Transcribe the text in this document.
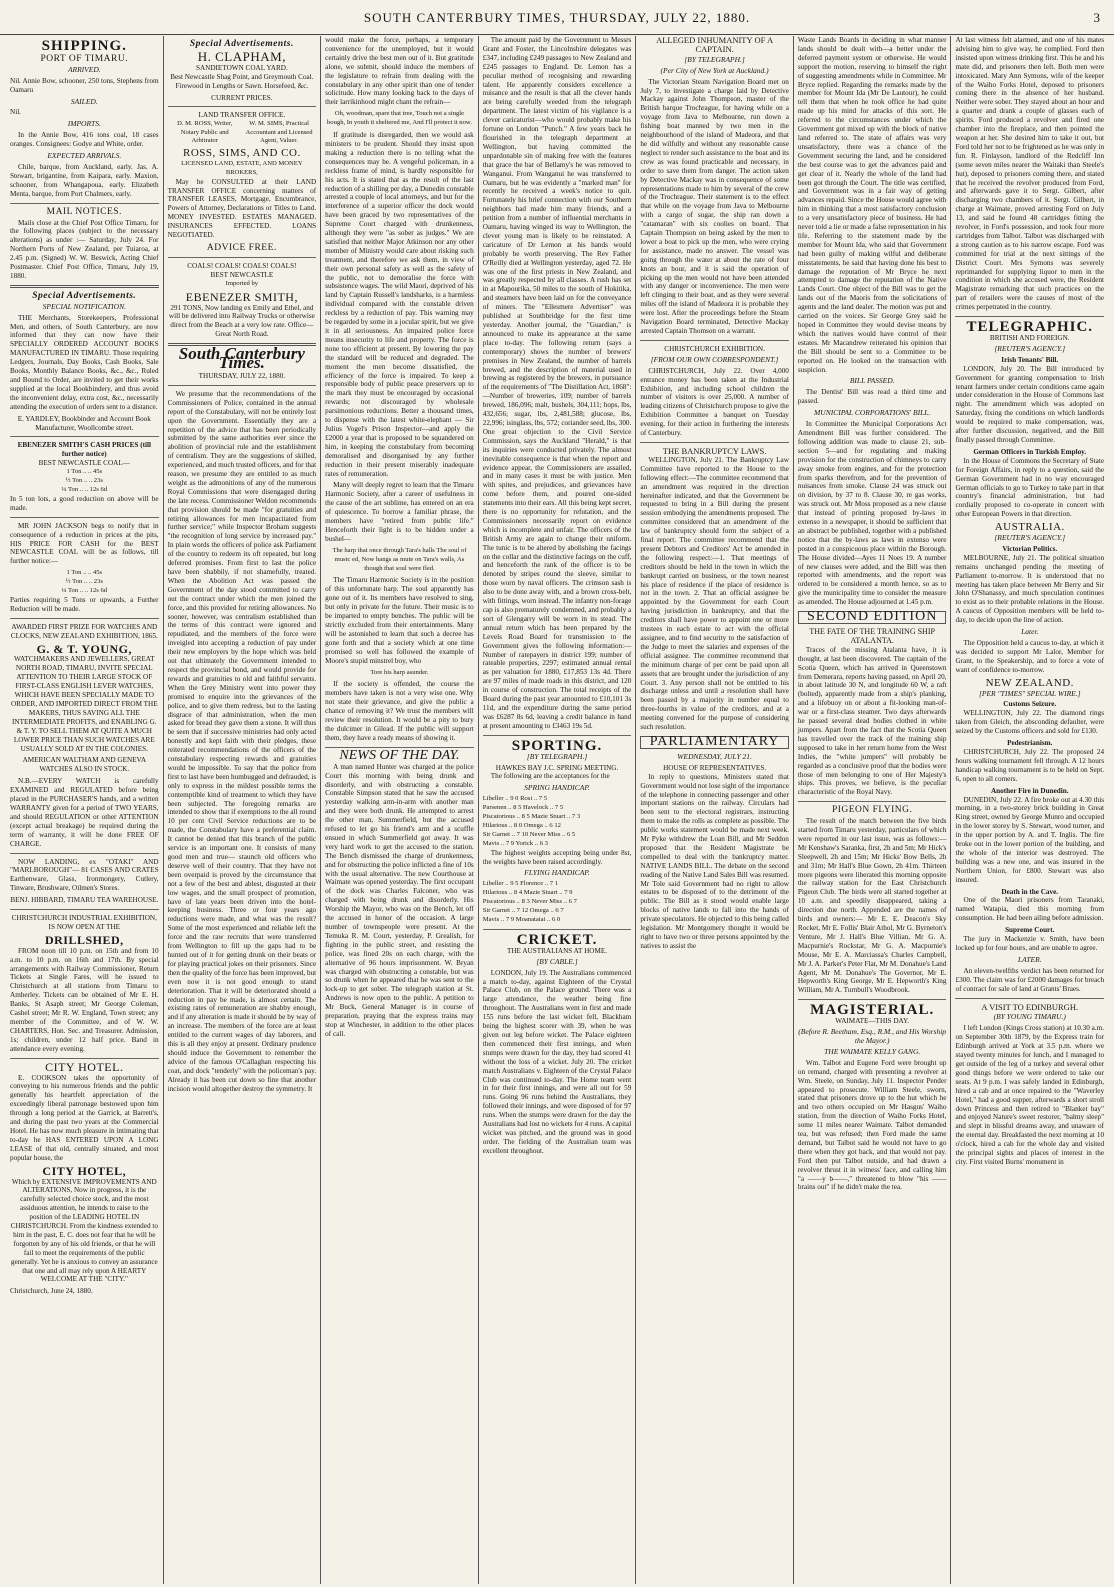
SOUTH CANTERBURY TIMES, THURSDAY, JULY 22, 1880.	3
SHIPPING.
PORT OF TIMARU.
ARRIVED.

Nil. Annie Bow, schooner, 250 tons, Stephens from Oamaru

SAILED.

Nil.

IMPORTS.

In the Annie Bow, 416 tons coal, 18 cases oranges. Consignees: Godye and White, order.

EXPECTED ARRIVALS.

Chile, barque, from Auckland, early. Jas. A. Stewart, brigantine, from Kaipara, early. Maxion, schooner, from Whangapoua, early. Elizabeth Menta, barque, from Port Chalmers, early.

MAIL NOTICES.

Mails close at the Chief Post Office Timaru, for the following places (subject to the necessary alterations) as under :— Saturday, July 24. For Northern Ports of New Zealand, per Tuiaroa, at 2.45 p.m. (Signed) W. W. Beswick, Acting Chief Postmaster. Chief Post Office, Timaru, July 19, 1880.

Special Advertisements.
SPECIAL NOTIFICATION.

THE Merchants, Storekeepers, Professional Men, and others, of South Canterbury, are now informed that they can now have their SPECIALLY ORDERED ACCOUNT BOOKS MANUFACTURED IN TIMARU. Those requiring Ledgers, Journals, Day Books, Cash Books, Sale Books, Monthly Balance Books, &c., &c., Ruled and Bound to Order, are invited to get their works supplied at the local Bookbindery, and thus avoid the inconvenient delay, extra cost, &c., necessarily attending the execution of orders sent to a distance.

E. YARDLEY, Bookbinder and Account Book Manufacturer, Woollcombe street.

EBENEZER SMITH'S CASH PRICES (till further notice)
BEST NEWCASTLE COAL—
1 Ton .. .. 45s
½ Ton .. .. 23s
¼ Ton .. .. 12s 6d

In 5 ton lots, a good reduction on above will be made.

MR JOHN JACKSON begs to notify that in consequence of a reduction in prices at the pits, HIS PRICE FOR CASH for the BEST NEWCASTLE COAL will be as follows, till further notice:—

1 Ton .. .. 45s
½ Ton .. .. 23s
¼ Ton .. .. 12s 6d

Parties requiring 5 Tons or upwards, a Further Reduction will be made.

AWARDED FIRST PRIZE FOR WATCHES AND CLOCKS, NEW ZEALAND EXHIBITION, 1865.
G. & T. YOUNG,

WATCHMAKERS AND JEWELLERS, GREAT NORTH ROAD, TIMARU, INVITE SPECIAL ATTENTION TO THEIR LARGE STOCK OF FIRST-CLASS ENGLISH LEVER WATCHES, WHICH HAVE BEEN SPECIALLY MADE TO ORDER, AND IMPORTED DIRECT FROM THE MAKERS, THUS SAVING ALL THE INTERMEDIATE PROFITS, and ENABLING G. & T. Y. TO SELL THEM AT QUITE A MUCH LOWER PRICE THAN SUCH WATCHES ARE USUALLY SOLD AT IN THE COLONIES.

AMERICAN WALTHAM AND GENEVA WATCHES ALSO IN STOCK.

N.B.—EVERY WATCH is carefully EXAMINED and REGULATED before being placed in the PURCHASER'S hands, and a written WARRANTY given for a period of TWO YEARS, and should REGULATION or other ATTENTION (except actual breakage) be required during the term of warranty, it will be done FREE OF CHARGE.

NOW LANDING, ex "OTAKI" AND "MARLBOROUGH"— 81 CASES AND CRATES Earthenware, Glass, Ironmongery, Cutlery, Tinware, Brushware, Oilmen's Stores.

BENJ. HIBBARD, TIMARU TEA WAREHOUSE.

CHRISTCHURCH INDUSTRIAL EXHIBITION, IS NOW OPEN AT THE
DRILLSHED,

FROM noon till 10 p.m. on 15th and from 10 a.m. to 10 p.m. on 16th and 17th. By special arrangements with Railway Commissioner, Return Tickets at Single Fares, will be issued to Christchurch at all stations from Timaru to Amberley. Tickets can be obtained of Mr E. H. Banks, St Asaph street; Mr George Coleman, Cashel street; Mr R. W. England, Town street; any member of the Committee, and of W. W. CHARTERS, Hon. Sec. and Treasurer. Admission, 1s; children, under 12 half price. Band in attendance every evening.

CITY HOTEL.

E. COOKSON takes the opportunity of conveying to his numerous friends and the public generally his heartfelt appreciation of the exceedingly liberal patronage bestowed upon him through a long period at the Garrick, at Barrett's, and during the past two years at the Commercial Hotel. He has now much pleasure in intimating that to-day he HAS ENTERED UPON A LONG LEASE of that old, centrally situated, and most popular house, the

CITY HOTEL,

Which by EXTENSIVE IMPROVEMENTS AND ALTERATIONS, Now in progress, it is the carefully selected choice stock, and the most assiduous attention, he intends to raise to the position of the LEADING HOTEL IN CHRISTCHURCH. From the kindness extended to him in the past, E. C. does not fear that he will be forgotten by any of his old friends, or that he will fail to meet the requirements of the public generally. Yet he is anxious to convey an assurance that one and all may rely upon A HEARTY WELCOME AT THE "CITY."

Christchurch, June 24, 1880.

Special Advertisements.
H. CLAPHAM,
SANDIETOWN COAL YARD.

Best Newcastle Shag Point, and Greymouth Coal. Firewood in Lengths or Sawn. Horsefeed, &c.

CURRENT PRICES.
LAND TRANSFER OFFICE.
D. M. ROSS, Writer, Notary Public and Arbitrator
W. M. SIMS, Practical Accountant and Licensed Agent, Valuer.
ROSS, SIMS, AND CO.
LICENSED LAND, ESTATE, AND MONEY BROKERS,

May be CONSULTED at their LAND TRANSFER OFFICE concerning matters of TRANSFER LEASES, Mortgage, Encumbrance, Powers of Attorney, Declarations or Titles to Land. MONEY INVESTED. ESTATES MANAGED. INSURANCES EFFECTED. LOANS NEGOTIATED.

ADVICE FREE.
COALS! COALS! COALS! COALS!
BEST NEWCASTLE
Imported by
EBENEZER SMITH,

291 TONS, Now landing ex Emily and Ethel, and will be delivered into Railway Trucks or otherwise direct from the Beach at a very low rate. Office—Great North Road.

South Canterbury Times.
THURSDAY, JULY 22, 1880.

We presume that the recommendations of the Commissioners of Police, contained in the annual report of the Constabulary, will not be entirely lost upon the Government. Essentially they are a repetition of the advice that has been periodically submitted by the same authorities ever since the abolition of provincial rule and the establishment of centralism. They are the suggestions of skilled, experienced, and much trusted officers, and for that reason, we presume they are entitled to as much weight as the admonitions of any of the numerous Royal Commissions that were disengaged during the late recess. Commissioner Weldon recommends that provision should be made "for gratuities and retiring allowances for men incapacitated from further service;" while Inspector Broham suggests "the recognition of long service by increased pay." In plain words the officers of police ask Parliament of the country to redeem its oft repeated, but long deferred promises. From first to last the police have been shabbily, if not shamefully, treated. When the Abolition Act was passed the Government of the day stood committed to carry out the contract under which the men joined the force, and this provided for retiring allowances. No sooner, however, was centralism established than the terms of this contract were ignored and repudiated, and the members of the force were inveigled into accepting a reduction of pay under their new employers by the hope which was held out that ultimately the Government intended to respect the provincial bond, and would provide for rewards and gratuities to old and faithful servants. When the Grey Ministry went into power they promised to enquire into the grievances of the police, and to give them redress, but to the lasting disgrace of that administration, when the men asked for bread they gave them a stone. It will thus be seen that if successive ministries had only acted honestly and kept faith with their pledges, these reiterated recommendations of the officers of the constabulary respecting rewards and gratuities would be impossible. To say that the police from first to last have been humbugged and defrauded, is only to express in the mildest possible terms the contemptible kind of treatment to which they have been subjected. The foregoing remarks are intended to show that if exemptions to the all round 10 per cent Civil Service reductions are to be made, the Constabulary have a preferential claim. It cannot be denied that this branch of the public service is an important one. It consists of many good men and true— staunch old officers who deserve well of their country. That they have not been overpaid is proved by the circumstance that not a few of the best and ablest, disgusted at their low wages, and the small prospect of promotion, have of late years been driven into the hotel-keeping business. Three or four years ago reductions were made, and what was the result? Some of the most experienced and reliable left the force and the raw recruits that were transferred from Wellington to fill up the gaps had to be hunted out of it for getting drunk on their beats or for playing practical jokes on their prisoners. Since then the quality of the force has been improved, but even now it is not good enough to stand deterioration. That it will be deteriorated should a reduction in pay be made, is almost certain. The existing rates of remuneration are shabby enough, and if any alteration is made it should be by way of an increase. The members of the force are at least entitled to the current wages of day laborers, and this is all they enjoy at present. Ordinary prudence should induce the Government to remember the advice of the famous O'Callaghan respecting his coat, and dock "tenderly" with the policeman's pay. Already it has been cut down so fine that another incision would altogether destroy the symmetry. It

would make the force, perhaps, a temporary convenience for the unemployed, but it would certainly drive the best men out of it. But gratitude alone, we submit, should induce the members of the legislature to refrain from dealing with the constabulary in any other spirit than one of tender solicitude. How many looking back to the days of their larrikinhood might chant the refrain—

Oh, woodman, spare that tree, Touch not a single bough, In youth it sheltered me, And I'll protect it now.

If gratitude is disregarded, then we would ask ministers to be prudent. Should they insist upon making a reduction there is no telling what the consequences may be. A vengeful policeman, in a reckless frame of mind, is hardly responsible for his acts. It is stated that as the result of the last reduction of a shilling per day, a Dunedin constable arrested a couple of local attorneys, and but for the interference of a superior officer the dock would have been graced by two representatives of the Supreme Court charged with drunkenness, although they were "as sober as judges." We are satisfied that neither Major Atkinson nor any other member of Ministry would care about risking such treatment, and therefore we ask them, in view of their own personal safety as well as the safety of the public, not to demoralise the force with subsistence wages. The wild Maori, deprived of his land by Captain Russell's landsharks, is a harmless individual compared with the constable driven reckless by a reduction of pay. This warning may be regarded by some in a jocular spirit, but we give it in all seriousness. An impaired police force means insecurity to life and property. The force is none too efficient at present. By lowering the pay the standard will be reduced and degraded. The moment the men become dissatisfied, the efficiency of the force is impaired. To keep a responsible body of public peace preservers up to the mark they must be encouraged by occasional rewards; not discouraged by wholesale parsimonious reductions. Better a thousand times, to dispense with the latest white-elephant — Sir Julius Vogel's Prison Inspector—and apply the £2000 a year that is proposed to be squandered on him, in keeping the constabulary from becoming demoralised and disorganised by any further reduction in their present miserably inadequate rates of remuneration.

Many will deeply regret to learn that the Timaru Harmonic Society, after a career of usefulness in the cause of the art sublime, has entered on an era of quiescence. To borrow a familiar phrase, the members have "retired from public life." Henceforth their light is to be hidden under a bushel—

The harp that once through Tara's halls The soul of music ed, Now hangs as mute on Tara's walls, As though that soul were fled.

The Timaru Harmonic Society is in the position of this unfortunate harp. The soul apparently has gone out of it. Its members have resolved to sing, but only in private for the future. Their music is to be imparted to empty benches. The public will be strictly excluded from their entertainments. Many will be astonished to learn that such a decree has gone forth and that a society which at one time promised so well has followed the example of Moore's stupid minstrel boy, who

Tore his harp asunder.

If the society is offended, the course the members have taken is not a very wise one. Why not state their grievance, and give the public a chance of removing it? We trust the members will review their resolution. It would be a pity to bury the dulcimer in Gilead. If the public will support them, they have a ready means of showing it.

NEWS OF THE DAY.

A man named Hunter was charged at the police Court this morning with being drunk and disorderly, and with obstructing a constable. Constable Simpson stated that he saw the accused yesterday walking arm-in-arm with another man and they were both drunk. He attempted to arrest the other man, Summerfield, but the accused refused to let go his friend's arm and a scuffle ensued in which Summerfield got away. It was very hard work to get the accused to the station. The Bench dismissed the charge of drunkenness, and for obstructing the police inflicted a fine of 10s with the usual alternative. The new Courthouse at Waimate was opened yesterday. The first occupant of the dock was Charles Falconer, who was charged with being drunk and disorderly. His Worship the Mayor, who was on the Bench, let off the accused in honor of the occasion. A large number of townspeople were present. At the Temuka R. M. Court, yesterday, P. Grealish, for fighting in the public street, and resisting the police, was fined 20s on each charge, with the alternative of 96 hours imprisonment. W. Bryan was charged with obstructing a constable, but was so drunk when he appeared that he was sent to the lock-up to get sober. The telegraph station at St. Andrews is now open to the public. A petition to Mr Buck, General Manager is in course of preparation, praying that the express trains may stop at Winchester, in addition to the other places of call.

The amount paid by the Government to Messrs Grant and Foster, the Lincolnshire delegates was £347, including £249 passages to New Zealand and £245 passages to England. Dr. Lemon has a peculiar method of recognising and rewarding talent. He apparently considers excellence a nuisance and the result is that all the clever hands are being carefully weeded from the telegraph department. The latest victim of his vigilance is a clever caricaturist—who would probably make his fortune on London "Punch." A few years back he flourished in the telegraph department at Wellington, but having committed the unpardonable sin of making free with the features that grace the bar of Bellamy's he was removed to Wanganui. From Wanganui he was transferred to Oamaru, but he was evidently a "marked man" for recently he received a week's notice to quit. Fortunately his brief connection with our Southern neighbors had made him many friends, and a petition from a number of influential merchants in Oamaru, having winged its way to Wellington, the clever young man is likely to be reinstated. A caricature of Dr Lemon at his hands would probably be worth preserving. The Rev Father O'Reilly died at Wellington yesterday, aged 72. He was one of the first priests in New Zealand, and was greatly respected by all classes. A rush has set in at Mapourika, 50 miles to the south of Hokitika, and steamers have been laid on for the conveyance of miners. The "Ellesmere Advertiser" was published at Southbridge for the first time yesterday. Another journal, the "Guardian," is announced to make its appearance at the same place to-day. The following return (says a contemporary) shows the number of brewers' premises in New Zealand, the number of barrels brewed, and the description of material used in brewing as registered by the brewers, in pursuance of the requirements of "The Distillation Act, 1868":—Number of breweries, 109; number of barrels brewed, 186,096; malt, bushels, 304,111; hops, lbs, 432,656; sugar, lbs, 2,481,588; glucose, lbs, 22,996; isinglass, lbs, 572; coriander seed, lbs, 300. One great objection to the Civil Service Commission, says the Auckland "Herald," is that its inquiries were conducted privately. The almost inevitable consequence is that when the report and evidence appear, the Commissioners are assailed, and in many cases it must be with justice. Men with spites, and prejudices, and grievances have come before them, and poured one-sided statements into their ears. All this being kept secret, there is no opportunity for refutation, and the Commissioners necessarily report on evidence which is incomplete and unfair. The officers of the British Army are again to change their uniform. The tunic is to be altered by abolishing the facings on the collar and the distinctive facings on the cuff, and henceforth the rank of the officer is to be denoted by stripes round the sleeve, similar to those worn by naval officers. The crimson sash is also to be done away with, and a brown cross-belt, with fittings, worn instead. The infantry non-forage cap is also prematurely condemned, and probably a sort of Glengarry will be worn in its stead. The annual return which has been prepared by the Levels Road Board for transmission to the Government gives the following information:—Number of ratepayers in district 199; number of rateable properties, 2297; estimated annual rental as per valuation for 1880, £17,853 13s 4d. There are 97 miles of made roads in this district, and 120 in course of construction. The total receipts of the Board during the past year amounted to £10,101 3s 11d, and the expenditure during the same period was £6287 8s 6d, leaving a credit balance in hand at present amounting to £3463 19s 5d.

SPORTING.
[BY TELEGRAPH.]
HAWKES BAY J.C. SPRING MEETING.

The following are the acceptances for the

SPRING HANDICAP.
Libeller .. 9 0 Rosi .. 7 5
Parsenen .. 8 5 Havelock .. 7 5
Piscatorious .. 8 5 Mazie Stuart .. 7 3
Hilarious .. 8 0 Omega .. 6 12
Sir Garnet .. 7 10 Never Miss .. 6 5
Mavis .. 7 9 Yorick .. 6 3

The highest weights accepting being under 8st, the weights have been raised accordingly.

FLYING HANDICAP.
Libeller .. 9 5 Florence .. 7 1
Hilarious .. 8 4 Mazie Stuart .. 7 9
Piscatorious .. 8 3 Never Miss .. 6 7
Sir Garnet .. 7 12 Omega .. 6 7
Mavis .. 7 9 Moanataiai .. 6 0
CRICKET.
THE AUSTRALIANS AT HOME.
[BY CABLE.]

LONDON, July 19. The Australians commenced a match to-day, against Eighteen of the Crystal Palace Club, on the Palace ground. There was a large attendance, the weather being fine throughout. The Australians went in first and made 155 runs before the last wicket fell, Blackham being the highest scorer with 39, when he was given out leg before wicket. The Palace eighteen then commenced their first innings, and when stumps were drawn for the day, they had scored 41 without the loss of a wicket. July 20. The cricket match Australians v. Eighteen of the Crystal Palace Club was continued to-day. The Home team went in for their first innings, and were all out for 59 runs. Going 96 runs behind the Australians, they followed their innings, and were disposed of for 97 runs. When the stumps were drawn for the day the Australians had lost no wickets for 4 runs. A capital wicket was pitched, and the ground was in good order. The fielding of the Australian team was excellent throughout.

ALLEGED INHUMANITY OF A CAPTAIN.
[BY TELEGRAPH.]
(Per City of New York at Auckland.)

The Victorian Steam Navigation Board met on July 7, to investigate a charge laid by Detective Mackay against John Thompson, master of the British barque Trochrague, for having while on a voyage from Java to Melbourne, run down a fishing boat manned by two men in the neighbourhood of the island of Madeora, and that he did wilfully and without any reasonable cause neglect to render such assistance to the boat and its crew as was found practicable and necessary, in order to save them from danger. The action taken by Detective Mackay was in consequence of some representations made to him by several of the crew of the Trochrague. Their statement is to the effect that while on the voyage from Java to Melbourne with a cargo of sugar, the ship ran down a "catamaran" with six coolies on board. That Captain Thompson on being asked by the men to lower a boat to pick up the men, who were crying for assistance, made no answer. The vessel was going through the water at about the rate of four knots an hour, and it is said the operation of picking up the men would not have been attended with any danger or inconvenience. The men were left clinging to their boat, and as they were several miles off the island of Madeora it is probable they were lost. After the proceedings before the Steam Navigation Board terminated, Detective Mackay arrested Captain Thomson on a warrant.

CHRISTCHURCH EXHIBITION.
[FROM OUR OWN CORRESPONDENT.]

CHRISTCHURCH, July 22. Over 4,000 entrance money has been taken at the Industrial Exhibition, and including school children the number of visitors is over 25,000. A number of leading citizens of Christchurch propose to give the Exhibition Committee a banquet on Tuesday evening, for their action in furthering the interests of Canterbury.

THE BANKRUPTCY LAWS.

WELLINGTON, July 21. The Bankruptcy Law Committee have reported to the House to the following effect:—The committee recommend that an amendment was required in the direction hereinafter indicated, and that the Government be requested to bring in a Bill during the present session embodying the amendments proposed. The committee considered that an amendment of the law of bankruptcy should form the subject of a final report. The committee recommend that the present Debtors and Creditors' Act be amended in the following respect:—1. That meetings of creditors should be held in the town in which the bankrupt carried on business, or the town nearest his place of residence if the place of residence is not in the town. 2. That an official assignee be appointed by the Government for each Court having jurisdiction in bankruptcy, and that the creditors shall have power to appoint one or more trustees in each estate to act with the official assignee, and to find security to the satisfaction of the Judge to meet the salaries and expenses of the official assignee. The committee recommend that the minimum charge of per cent be paid upon all assets that are brought under the jurisdiction of any Court. 3. Any person shall not be entitled to his discharge unless and until a resolution shall have been passed by a majority in number equal to three-fourths in value of the creditors, and at a meeting convened for the purpose of considering such resolution.

PARLIAMENTARY
WEDNESDAY, JULY 21.
HOUSE OF REPRESENTATIVES.

In reply to questions, Ministers stated that Government would not lose sight of the importance of the telephone in connecting passenger and other important stations on the railway. Circulars had been sent to the electoral registrars, instructing them to make the rolls as complete as possible. The public works statement would be made next week. Mr Pyke withdrew the Loan Bill, and Mr Seddon proposed that the Resident Magistrate be compelled to deal with the bankruptcy matter. NATIVE LANDS BILL. The debate on the second reading of the Native Land Sales Bill was resumed. Mr Tole said Government had no right to allow estates to be disposed of to the detriment of the public. The Bill as it stood would enable large blocks of native lands to fall into the hands of private speculators. He objected to this being called legislation. Mr Montgomery thought it would be right to have two or three persons appointed by the natives to assist the

Waste Lands Boards in deciding in what manner lands should be dealt with—a better under the deferred payment system or otherwise. He would support the motion, reserving to himself the right of suggesting amendments while in Committee. Mr Bryce replied. Regarding the remarks made by the member for Mount Ida (Mr De Lautour), he could tell them that when he took office he had quite made up his mind for attacks of this sort. He referred to the circumstances under which the Government got mixed up with the block of native land referred to. The state of affairs was very unsatisfactory, there was a chance of the Government securing the land, and he considered the best course was to get the advances paid and get clear of it. Nearly the whole of the land had been got through the Court. The title was certified, and Government was in a fair way of getting advances repaid. Since the House would agree with him in thinking that a most satisfactory conclusion to a very unsatisfactory piece of business. He had never told a lie or made a false representation in his life. Referring to the statement made by the member for Mount Ida, who said that Government had been guilty of making wilful and deliberate misstatements, he said that having done his best to damage the reputation of Mr Bryce he next attempted to damage the reputation of the Native Lands Court. One object of the Bill was to get the lands out of the Maoris from the solicitations of agents and the land dealer. The motion was put and carried on the voices. Sir George Grey said he hoped in Committee they would devise means by which the natives would have control of their estates. Mr Macandrew reiterated his opinion that the Bill should be sent to a Committee to be reported on. He looked on the transaction with suspicion.

BILL PASSED.

The Dentist' Bill was read a third time and passed.

MUNICIPAL CORPORATIONS' BILL.

In Committee the Municipal Corporations Act Amendment Bill was further considered. The following addition was made to clause 21, sub-section 5—and for regulating and making provision for the construction of chimneys to carry away smoke from engines, and for the protection from sparks therefrom, and for the prevention of nuisances from smoke. Clause 24 was struck out on division, by 37 to 8. Clause 30, re gas works, was struck out. Mr Moss proposed as a new clause that instead of printing proposed by-laws in extenso in a newspaper, it should be sufficient that an abstract be published, together with a published notice that the by-laws as laws in extenso were posted in a conspicuous place within the Borough. The House divided—Ayes 11 Noes 19. A number of new clauses were added, and the Bill was then reported with amendments, and the report was ordered to be considered a month hence, so as to give the municipality time to consider the measure as amended. The House adjourned at 1.45 p.m.

SECOND EDITION
THE FATE OF THE TRAINING SHIP ATALANTA.

Traces of the missing Atalanta have, it is thought, at last been discovered. The captain of the Scotia Queen, which has arrived in Queenstown from Demerara, reports having passed, on April 20, in about latitude 30 N, and longitude 60 W, a raft (bolted), apparently made from a ship's planking, and a lifebuoy on or about a fit-looking man-of-war or a first-class steamer. Two days afterwards he passed several dead bodies clothed in white jumpers. Apart from the fact that the Scotia Queen has travelled over the track of the training ship supposed to take in her return home from the West Indies, the "white jumpers" will probably be regarded as a conclusive proof that the bodies were those of men belonging to one of Her Majesty's ships. This proves, we believe, is the peculiar characteristic of the Royal Navy.

PIGEON FLYING.

The result of the match between the five birds started from Timaru yesterday, particulars of which were reported in our last issue, was as follows:— Mr Kenshaw's Saranka, first, 2h and 5m; Mr Hick's Sleepwell, 2h and 15m; Mr Hicks' Bow Bells, 2h and 31m; Mr Hall's Blue Gown, 2h 41m. Thirteen more pigeons were liberated this morning opposite the railway station for the East Christchurch Pigeon Club. The birds were all started together at 10 a.m. and speedily disappeared, taking a direction due north. Appended are the names of birds and owners:— Mr E. E. Deacon's Sky Rocket, Mr E. Follis' Blair Athol, Mr G. Byrneton's Venture, Mr J. Hall's Blue Villian, Mr G. A. Macpurnie's Rockstar, Mr G. A. Macpurnie's Mouse, Mr E. A. Marciassa's Charles Campbell, Mr J. A. Parker's Peter Flat, Mr M. Donahue's Land Agent, Mr M. Donahue's The Governor, Mr E. Hepworth's King George, Mr E. Hepworth's King William, Mr A. Turnbull's Woodbrook.

MAGISTERIAL.
WAIMATE—THIS DAY.
(Before R. Beetham, Esq., R.M., and His Worship the Mayor.)
THE WAIMATE KELLY GANG.

Wm. Talbot and Eugene Ford were brought up on remand, charged with presenting a revolver at Wm. Steele, on Sunday, July 11. Inspector Pender appeared to prosecute. William Steele, sworn, stated that prisoners drove up to the hut which he and two others occupied on Mr Hasgus' Waiho station, from the direction of Waiho Forks Hotel, some 11 miles nearer Waimate. Talbot demanded tea, but was refused; then Ford made the same demand, but Talbot said he would not have to go there when they got back, and that would not pay. Ford then put Talbot outside, and had drawn a revolver thrust it in witness' face, and calling him "a ——y b——," threatened to blow "his —— brains out" if he didn't make the tea.

At last witness felt alarmed, and one of his mates advising him to give way, he complied. Ford then insisted upon witness drinking first. This he and his mate did, and prisoners then left. Both men were intoxicated. Mary Ann Symons, wife of the keeper of the Waiho Forks Hotel, deposed to prisoners coming there in the absence of her husband. Neither were sober. They stayed about an hour and a quarter and drank a couple of glasses each of spirits. Ford produced a revolver and fired one chamber into the fireplace, and then pointed the weapon at her. She desired him to take it out, but Ford told her not to be frightened as he was only in fun. R. Finlayson, landlord of the Redcliff Inn (some seven miles nearer the Waitaki than Steele's hut), deposed to prisoners coming there, and stated that he received the revolver produced from Ford, and afterwards gave it to Sergt. Gilbert, after discharging two chambers of it. Sergt. Gilbert, in charge at Waimate, proved arresting Ford on July 13, and said he found 48 cartridges fitting the revolver, in Ford's possession, and took four more cartridges from Talbot. Talbot was discharged with a strong caution as to his narrow escape. Ford was committed for trial at the next sittings of the District Court. Mrs Symons was severely reprimanded for supplying liquor to men in the condition in which she accused were, the Resident Magistrate remarking that such practices on the part of retailers were the causes of most of the crimes perpetrated in the country.

TELEGRAPHIC.
BRITISH AND FOREIGN.
[REUTER'S AGENCY.]
Irish Tenants' Bill.

LONDON, July 20. The Bill introduced by Government for granting compensation to Irish tenant farmers under certain conditions came again under consideration in the House of Commons last night. The amendment which was adopted on Saturday, fixing the conditions on which landlords would be required to make compensation, was, after further discussion, negatived, and the Bill finally passed through Committee.

German Officers in Turkish Employ.

In the House of Commons the Secretary of State for Foreign Affairs, in reply to a question, said the German Government had in no way encouraged German officials to go to Turkey to take part in that country's financial administration, but had cordially proposed to co-operate in concert with other European Powers in that direction.

AUSTRALIA.
[REUTER'S AGENCY.]
Victorian Politics.

MELBOURNE, July 21. The political situation remains unchanged pending the meeting of Parliament to-morrow. It is understood that no meeting has taken place between Mr Berry and Sir John O'Shanassy, and much speculation continues to exist as to their probable relations in the House. A caucus of Opposition members will be held to-day, to decide upon the line of action.

Later.

The Opposition held a caucus to-day, at which it was decided to support Mr Lalor, Member for Grant, to the Speakership, and to force a vote of want of confidence to-morrow.

NEW ZEALAND.
[PER "TIMES" SPECIAL WIRE.]
Customs Seizure.

WELLINGTON, July 22. The diamond rings taken from Gleich, the absconding defaulter, were seized by the Customs officers and sold for £130.

Pedestrianism.

CHRISTCHURCH, July 22. The proposed 24 hours walking tournament fell through. A 12 hours handicap walking tournament is to be held on Sept. 6, open to all comers.

Another Fire in Dunedin.

DUNEDIN, July 22. A fire broke out at 4.30 this morning, in a two-storey brick building in Great King street, owned by George Munro and occupied in the lower storey by S. Stewart, wood turner, and in the upper portion by A. and T. Inglis. The fire broke out in the lower portion of the building, and the whole of the interior was destroyed. The building was a new one, and was insured in the Northern Union, for £800. Stewart was also insured.

Death in the Cave.

One of the Maori prisoners from Taranaki, named Watapia, died this morning from consumption. He had been ailing before admission.

Supreme Court.

The jury in Mackenzie v. Smith, have been locked up for four hours, and are unable to agree.

LATER.

An eleven-twelfths verdict has been returned for £300. The claim was for £2000 damages for breach of contract for sale of land at Grants' Braes.

A VISIT TO EDINBURGH.
(BY YOUNG TIMARU.)

I left London (Kings Cross station) at 10.30 a.m. on September 30th 1879, by the Express train for Edinburgh arrived at York at 3.5 p.m. where we stayed twenty minutes for lunch, and I managed to get outside of the leg of a turkey and several other good things before we were ordered to take our seats. At 9 p.m. I was safely landed in Edinburgh, hired a cab and at once repaired to the "Waverley Hotel," had a good supper, afterwards a short stroll down Princess and then retired to "Blanket bay" and enjoyed Nature's sweet restorer, "balmy sleep" and slept in blissful dreams away, and unaware of the eternal day. Breakfasted the next morning at 10 o'clock, hired a cab for the whole day and visited the principal sights and places of interest in the city. First visited Burns' monument in
